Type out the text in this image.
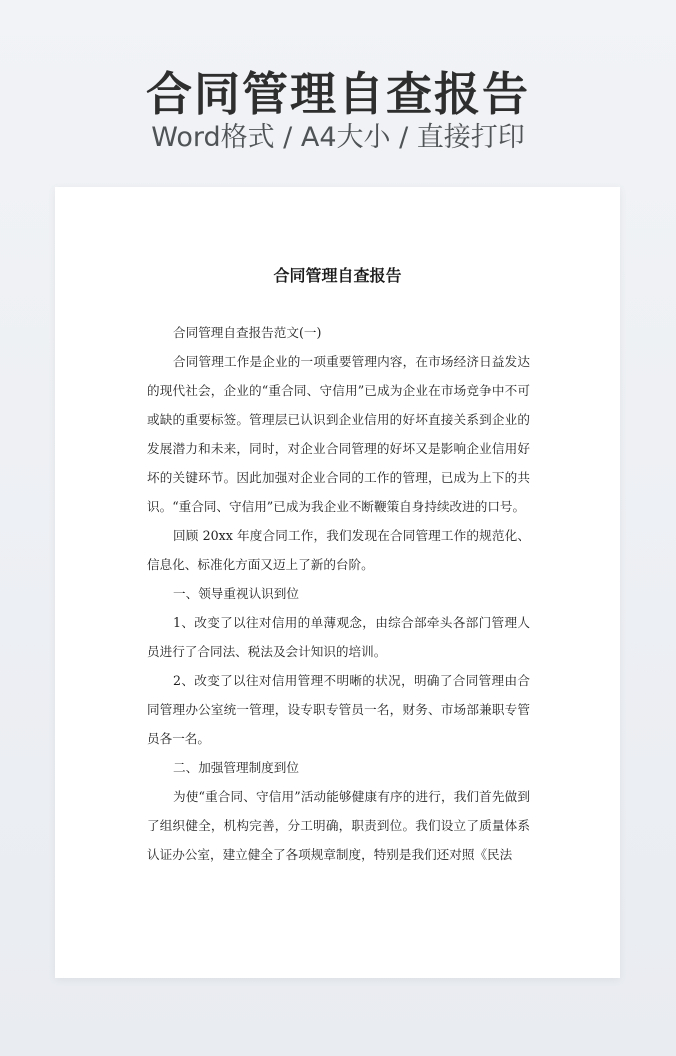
合同管理自查报告
Word格式 / A4大小 / 直接打印
合同管理自查报告

合同管理自查报告范文(一)

合同管理工作是企业的一项重要管理内容，在市场经济日益发达的现代社会，企业的“重合同、守信用”已成为企业在市场竞争中不可或缺的重要标签。管理层已认识到企业信用的好坏直接关系到企业的发展潜力和未来，同时，对企业合同管理的好坏又是影响企业信用好坏的关键环节。因此加强对企业合同的工作的管理，已成为上下的共识。“重合同、守信用”已成为我企业不断鞭策自身持续改进的口号。

回顾 20xx 年度合同工作，我们发现在合同管理工作的规范化、信息化、标准化方面又迈上了新的台阶。

一、领导重视认识到位

1、改变了以往对信用的单薄观念，由综合部牵头各部门管理人员进行了合同法、税法及会计知识的培训。

2、改变了以往对信用管理不明晰的状况，明确了合同管理由合同管理办公室统一管理，设专职专管员一名，财务、市场部兼职专管员各一名。

二、加强管理制度到位

为使“重合同、守信用”活动能够健康有序的进行，我们首先做到了组织健全，机构完善，分工明确，职责到位。我们设立了质量体系认证办公室，建立健全了各项规章制度，特别是我们还对照《民法
